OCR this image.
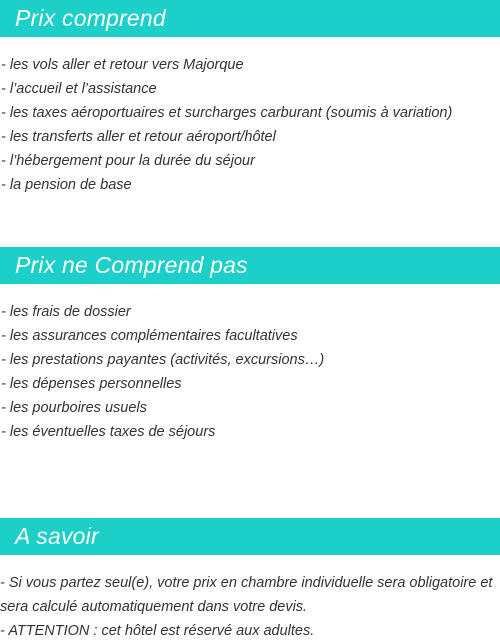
Prix comprend
- les vols aller et retour vers Majorque
- l’accueil et l’assistance
- les taxes aéroportuaires et surcharges carburant (soumis à variation)
- les transferts aller et retour aéroport/hôtel
- l’hébergement pour la durée du séjour
- la pension de base
Prix ne Comprend pas
- les frais de dossier
- les assurances complémentaires facultatives
- les prestations payantes (activités, excursions…)
- les dépenses personnelles
- les pourboires usuels
- les éventuelles taxes de séjours
A savoir

- Si vous partez seul(e), votre prix en chambre individuelle sera obligatoire et sera calculé automatiquement dans votre devis.

- ATTENTION : cet hôtel est réservé aux adultes.
